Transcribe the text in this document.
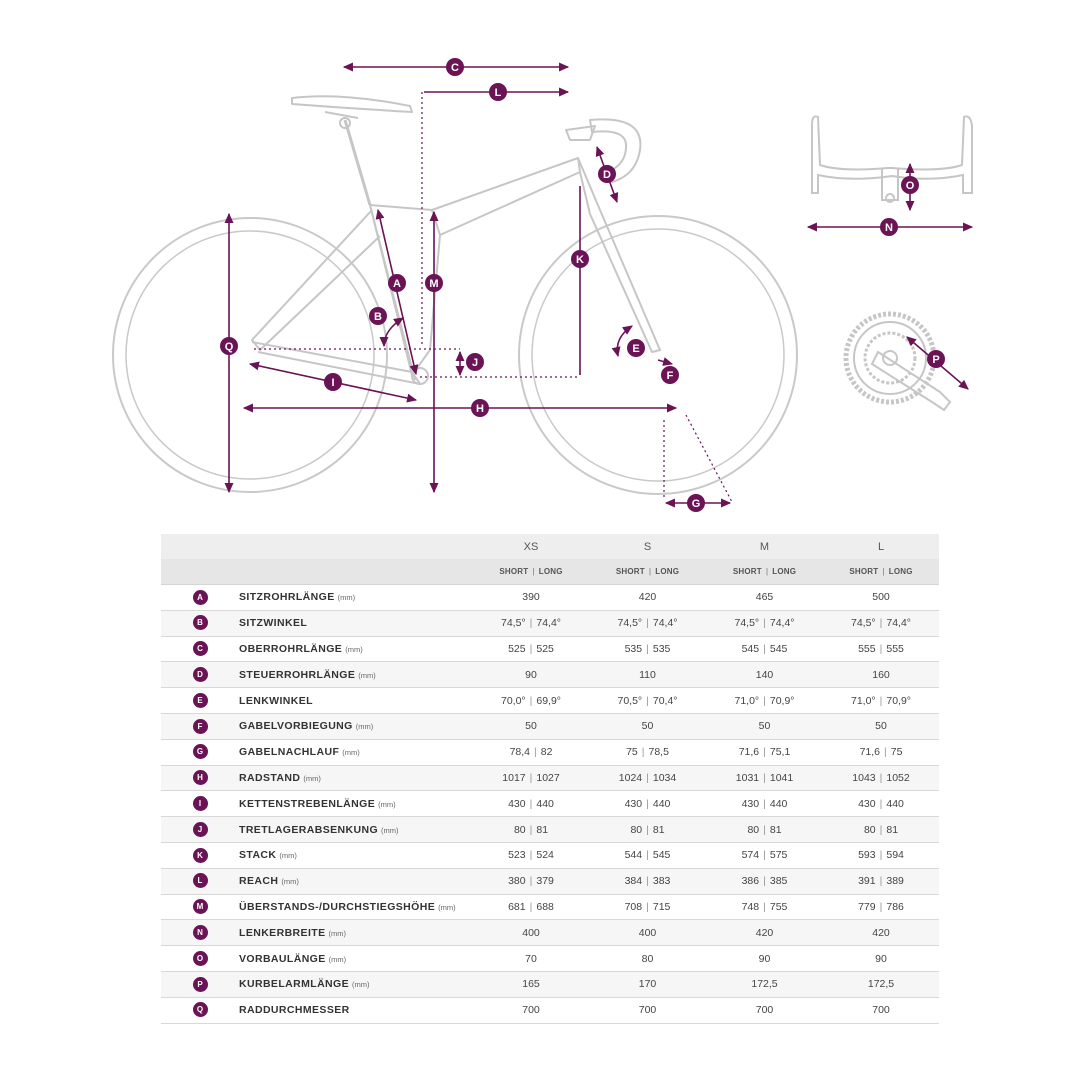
A
B
C
D
E
F
G
H
I
J
K
L
M
N
O
P
Q
		XS	S	M	L
		SHORT | LONG	SHORT | LONG	SHORT | LONG	SHORT | LONG
A	SITZROHRLÄNGE (mm)	390	420	465	500
B	SITZWINKEL	74,5° | 74,4°	74,5° | 74,4°	74,5° | 74,4°	74,5° | 74,4°
C	OBERROHRLÄNGE (mm)	525 | 525	535 | 535	545 | 545	555 | 555
D	STEUERROHRLÄNGE (mm)	90	110	140	160
E	LENKWINKEL	70,0° | 69,9°	70,5° | 70,4°	71,0° | 70,9°	71,0° | 70,9°
F	GABELVORBIEGUNG (mm)	50	50	50	50
G	GABELNACHLAUF (mm)	78,4 | 82	75 | 78,5	71,6 | 75,1	71,6 | 75
H	RADSTAND (mm)	1017 | 1027	1024 | 1034	1031 | 1041	1043 | 1052
I	KETTENSTREBENLÄNGE (mm)	430 | 440	430 | 440	430 | 440	430 | 440
J	TRETLAGERABSENKUNG (mm)	80 | 81	80 | 81	80 | 81	80 | 81
K	STACK (mm)	523 | 524	544 | 545	574 | 575	593 | 594
L	REACH (mm)	380 | 379	384 | 383	386 | 385	391 | 389
M	ÜBERSTANDS-/DURCHSTIEGSHÖHE (mm)	681 | 688	708 | 715	748 | 755	779 | 786
N	LENKERBREITE (mm)	400	400	420	420
O	VORBAULÄNGE (mm)	70	80	90	90
P	KURBELARMLÄNGE (mm)	165	170	172,5	172,5
Q	RADDURCHMESSER	700	700	700	700
